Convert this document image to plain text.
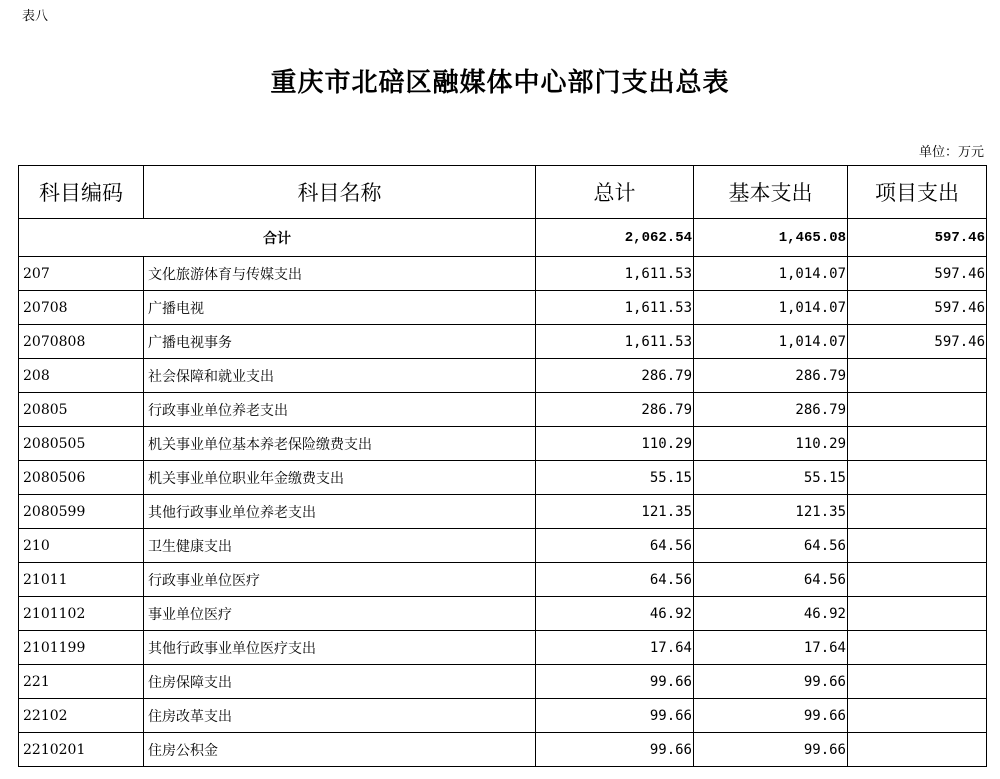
表八
重庆市北碚区融媒体中心部门支出总表
单位：万元
科目编码	科目名称	总计	基本支出	项目支出
合计		2,062.54	1,465.08	597.46
207	文化旅游体育与传媒支出	1,611.53	1,014.07	597.46
20708	广播电视	1,611.53	1,014.07	597.46
2070808	广播电视事务	1,611.53	1,014.07	597.46
208	社会保障和就业支出	286.79	286.79	
20805	行政事业单位养老支出	286.79	286.79	
2080505	机关事业单位基本养老保险缴费支出	110.29	110.29	
2080506	机关事业单位职业年金缴费支出	55.15	55.15	
2080599	其他行政事业单位养老支出	121.35	121.35	
210	卫生健康支出	64.56	64.56	
21011	行政事业单位医疗	64.56	64.56	
2101102	事业单位医疗	46.92	46.92	
2101199	其他行政事业单位医疗支出	17.64	17.64	
221	住房保障支出	99.66	99.66	
22102	住房改革支出	99.66	99.66	
2210201	住房公积金	99.66	99.66	
